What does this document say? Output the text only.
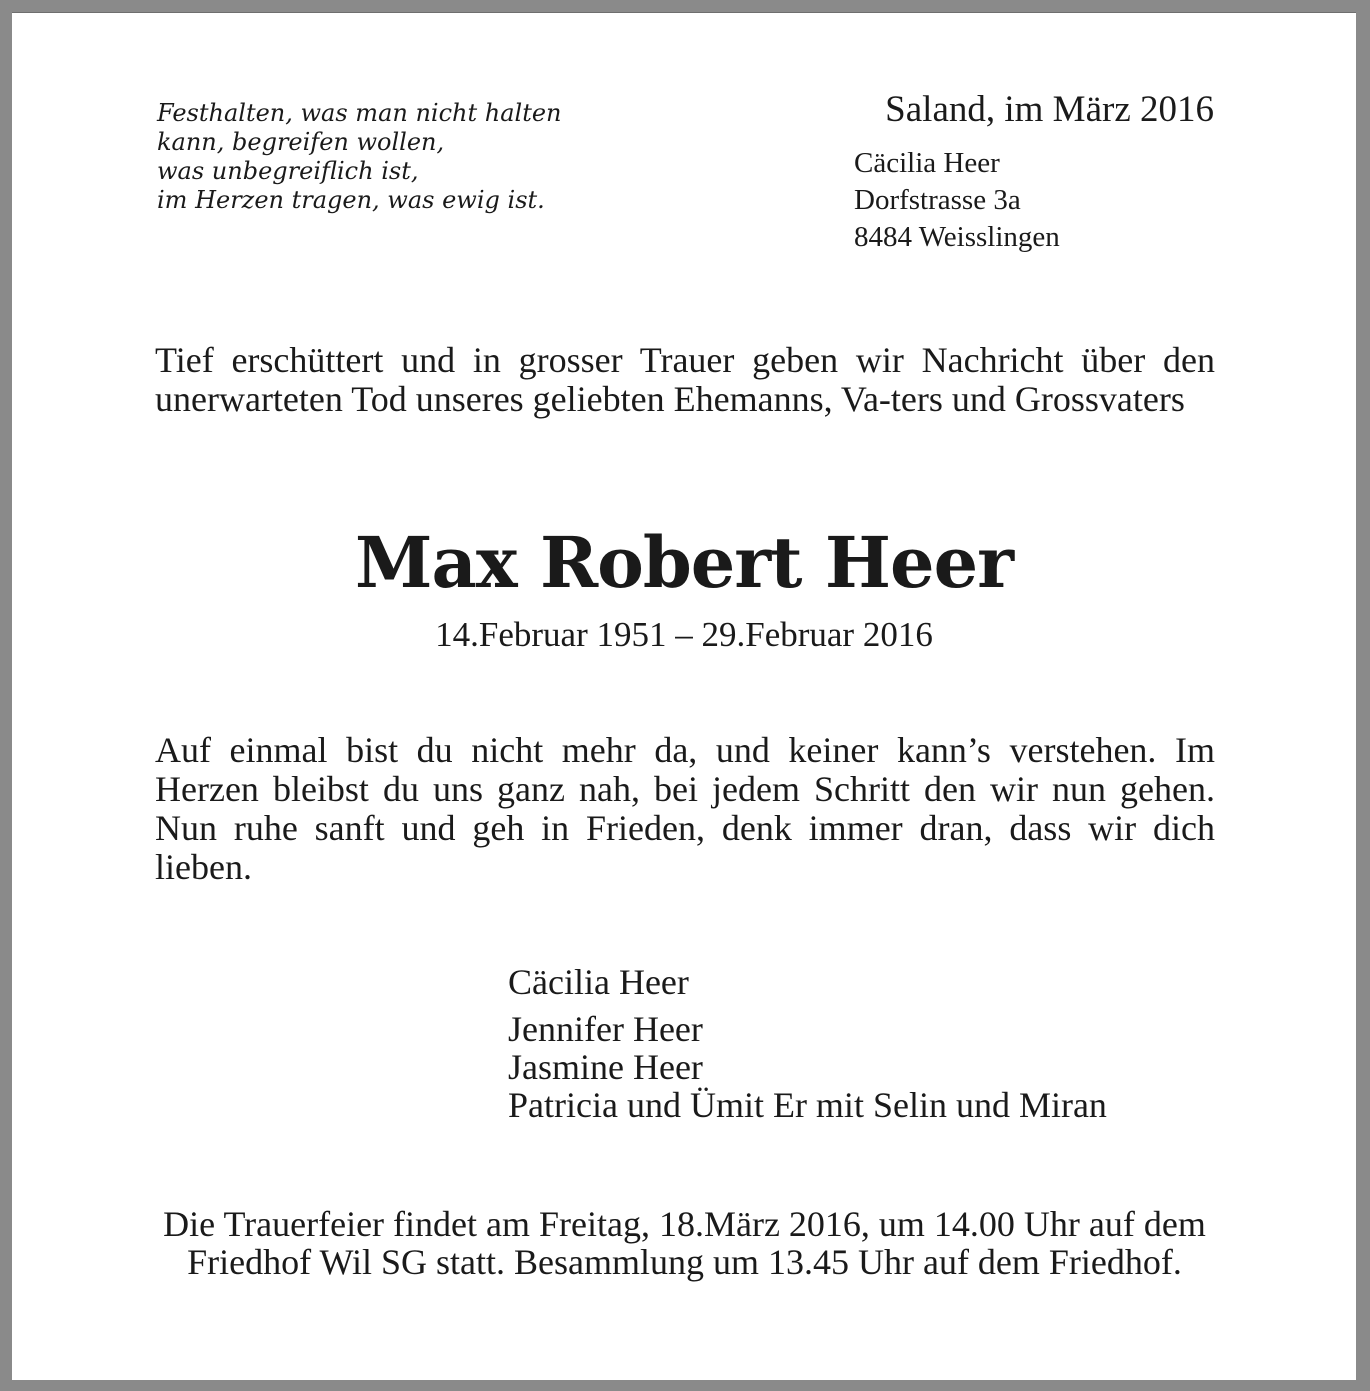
Festhalten, was man nicht halten
kann, begreifen wollen,
was unbegreiflich ist,
im Herzen tragen, was ewig ist.
Saland, im März 2016
Cäcilia Heer
Dorfstrasse 3a
8484 Weisslingen
Tief erschüttert und in grosser Trauer geben wir Nachricht über den unerwarteten Tod unseres geliebten Ehemanns, Va-ters und Grossvaters
Max Robert Heer
14.Februar 1951 – 29.Februar 2016
Auf einmal bist du nicht mehr da, und keiner kann’s verstehen. Im Herzen bleibst du uns ganz nah, bei jedem Schritt den wir nun gehen. Nun ruhe sanft und geh in Frieden, denk immer dran, dass wir dich lieben.
Cäcilia Heer
Jennifer Heer
Jasmine Heer
Patricia und Ümit Er mit Selin und Miran
Die Trauerfeier findet am Freitag, 18.März 2016, um 14.00 Uhr auf dem Friedhof Wil SG statt. Besammlung um 13.45 Uhr auf dem Friedhof.
